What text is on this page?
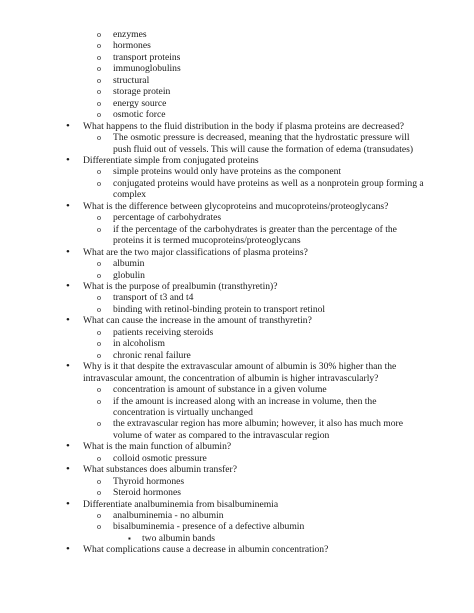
o enzymes
o hormones
o transport proteins
o immunoglobulins
o structural
o storage protein
o energy source
o osmotic force
• What happens to the fluid distribution in the body if plasma proteins are decreased?
o The osmotic pressure is decreased, meaning that the hydrostatic pressure will
push fluid out of vessels. This will cause the formation of edema (transudates)
• Differentiate simple from conjugated proteins
o simple proteins would only have proteins as the component
o conjugated proteins would have proteins as well as a nonprotein group forming a
complex
• What is the difference between glycoproteins and mucoproteins/proteoglycans?
o percentage of carbohydrates
o if the percentage of the carbohydrates is greater than the percentage of the
proteins it is termed mucoproteins/proteoglycans
• What are the two major classifications of plasma proteins?
o albumin
o globulin
• What is the purpose of prealbumin (transthyretin)?
o transport of t3 and t4
o binding with retinol-binding protein to transport retinol
• What can cause the increase in the amount of transthyretin?
o patients receiving steroids
o in alcoholism
o chronic renal failure
• Why is it that despite the extravascular amount of albumin is 30% higher than the
intravascular amount, the concentration of albumin is higher intravascularly?
o concentration is amount of substance in a given volume
o if the amount is increased along with an increase in volume, then the
concentration is virtually unchanged
o the extravascular region has more albumin; however, it also has much more
volume of water as compared to the intravascular region
• What is the main function of albumin?
o colloid osmotic pressure
• What substances does albumin transfer?
o Thyroid hormones
o Steroid hormones
• Differentiate analbuminemia from bisalbuminemia
o analbuminemia - no albumin
o bisalbuminemia - presence of a defective albumin
▪ two albumin bands
• What complications cause a decrease in albumin concentration?
